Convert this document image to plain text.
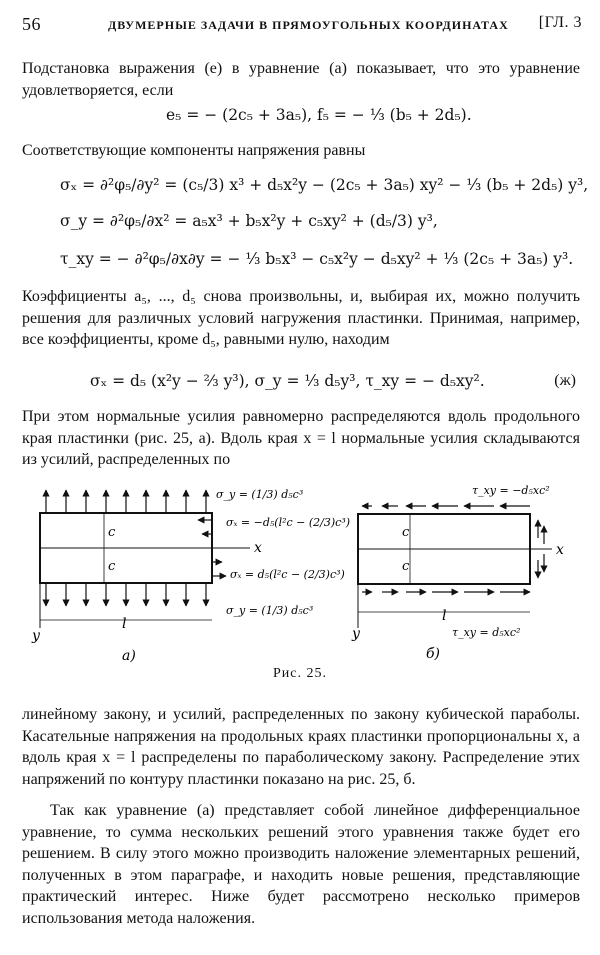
56	ДВУМЕРНЫЕ ЗАДАЧИ В ПРЯМОУГОЛЬНЫХ КООРДИНАТАХ [ГЛ. 3
Подстановка выражения (е) в уравнение (а) показывает, что это уравнение удовлетворяется, если
e₅ = − (2c₅ + 3a₅), f₅ = − ⅓ (b₅ + 2d₅).
Соответствующие компоненты напряжения равны
σₓ = ∂²φ₅/∂y² = (c₅/3) x³ + d₅x²y − (2c₅ + 3a₅) xy² − ⅓ (b₅ + 2d₅) y³,
σ_y = ∂²φ₅/∂x² = a₅x³ + b₅x²y + c₅xy² + (d₅/3) y³,
τ_xy = − ∂²φ₅/∂x∂y = − ⅓ b₅x³ − c₅x²y − d₅xy² + ⅓ (2c₅ + 3a₅) y³.
Коэффициенты a₅, ..., d₅ снова произвольны, и, выбирая их, можно получить решения для различных условий нагружения пластинки. Принимая, например, все коэффициенты, кроме d₅, равными нулю, находим
σₓ = d₅ (x²y − ⅔ y³), σ_y = ⅓ d₅y³, τ_xy = − d₅xy².	(ж)
При этом нормальные усилия равномерно распределяются вдоль продольного края пластинки (рис. 25, а). Вдоль края x = l нормальные усилия складываются из усилий, распределенных по
c
c
l
x
y
σ_y = (1/3) d₅c³
σₓ = −d₅(l²c − (2/3)c³)
σₓ = d₅(l²c − (2/3)c³)
σ_y = (1/3) d₅c³
а)
c
c
l
x
y
τ_xy = −d₅xc²
τ_xy = d₅xc²
б)
Рис. 25.
линейному закону, и усилий, распределенных по закону кубической параболы. Касательные напряжения на продольных краях пластинки пропорциональны x, а вдоль края x = l распределены по параболическому закону. Распределение этих напряжений по контуру пластинки показано на рис. 25, б.
Так как уравнение (а) представляет собой линейное дифференциальное уравнение, то сумма нескольких решений этого уравнения также будет его решением. В силу этого можно производить наложение элементарных решений, полученных в этом параграфе, и находить новые решения, представляющие практический интерес. Ниже будет рассмотрено несколько примеров использования метода наложения.
